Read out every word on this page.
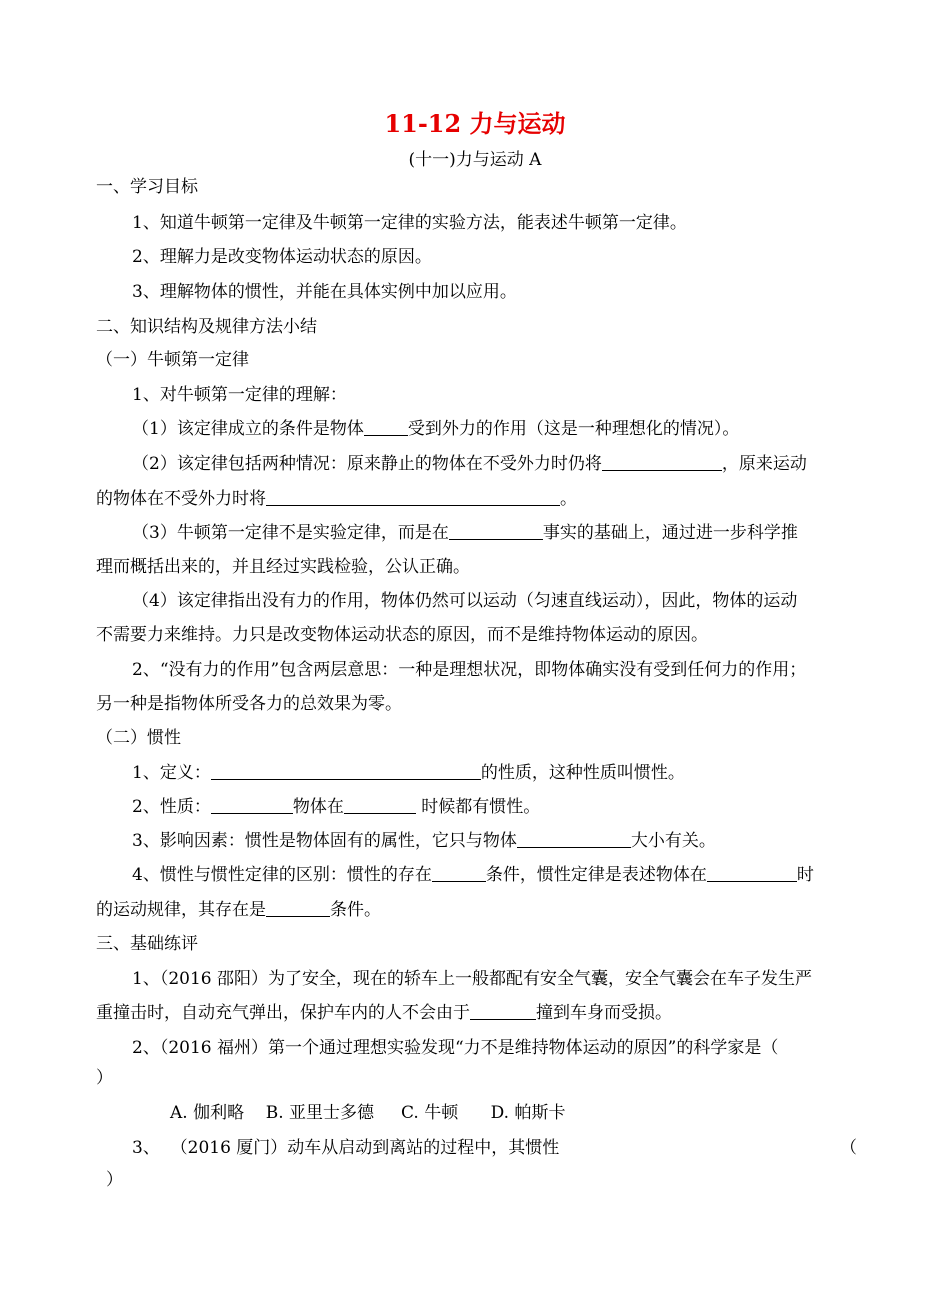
11-12 力与运动
(十一)力与运动 A
一、学习目标
1、知道牛顿第一定律及牛顿第一定律的实验方法，能表述牛顿第一定律。
2、理解力是改变物体运动状态的原因。
3、理解物体的惯性，并能在具体实例中加以应用。
二、知识结构及规律方法小结
（一）牛顿第一定律
1、对牛顿第一定律的理解：
（1）该定律成立的条件是物体	受到外力的作用（这是一种理想化的情况）。
（2）该定律包括两种情况：原来静止的物体在不受外力时仍将	，原来运动
的物体在不受外力时将	。
（3）牛顿第一定律不是实验定律，而是在	事实的基础上，通过进一步科学推
理而概括出来的，并且经过实践检验，公认正确。
（4）该定律指出没有力的作用，物体仍然可以运动（匀速直线运动），因此，物体的运动
不需要力来维持。力只是改变物体运动状态的原因，而不是维持物体运动的原因。
2、“没有力的作用”包含两层意思：一种是理想状况，即物体确实没有受到任何力的作用；
另一种是指物体所受各力的总效果为零。
（二）惯性
1、定义：	的性质，这种性质叫惯性。
2、性质：	物体在	时候都有惯性。
3、影响因素：惯性是物体固有的属性，它只与物体	大小有关。
4、惯性与惯性定律的区别：惯性的存在	条件，惯性定律是表述物体在	时
的运动规律，其存在是	条件。
三、基础练评
1、（2016 邵阳）为了安全，现在的轿车上一般都配有安全气囊，安全气囊会在车子发生严
重撞击时，自动充气弹出，保护车内的人不会由于	撞到车身而受损。
2、（2016 福州）第一个通过理想实验发现“力不是维持物体运动的原因”的科学家是（
）
A. 伽利略    B. 亚里士多德     C. 牛顿      D. 帕斯卡
3、  （2016 厦门）动车从启动到离站的过程中，其惯性	（
）
